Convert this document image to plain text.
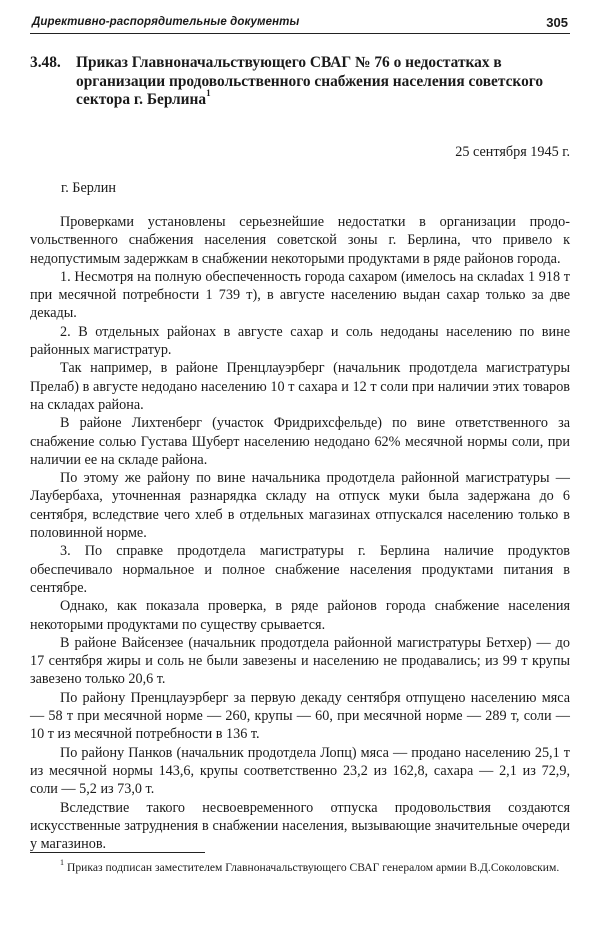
Директивно-распорядительные документы	305
3.48. Приказ Главноначальствующего СВАГ № 76 о недостатках в организации продовольственного снабжения населения советского сектора г. Берлина$^1$
25 сентября 1945 г.
г. Берлин

Проверками установлены серьезнейшие недостатки в организации продоvольственного снабжения населения советской зоны г. Берлина, что привело к недопустимым задержкам в снабжении некоторыми продуктами в ряде районов города.

1. Несмотря на полную обеспеченность города сахаром (имелось на склаdах 1 918 т при месячной потребности 1 739 т), в августе населению выдан сахар только за две декады.

2. В отдельных районах в августе сахар и соль недоданы населению по вине районных магистратур.

Так например, в районе Пренцлауэрберг (начальник продотдела магистратуры Прелаб) в августе недодано населению 10 т сахара и 12 т соли при наличии этих товаров на складах района.

В районе Лихтенберг (участок Фридрихсфельде) по вине ответственного за снабжение солью Густава Шуберт населению недодано 62% месячной нормы соли, при наличии ее на складе района.

По этому же району по вине начальника продотдела районной магистратуры — Лаубербаха, уточненная разнарядка складу на отпуск муки была задержана до 6 сентября, вследствие чего хлеб в отдельных магазинах отпускался населению только в половинной норме.

3. По справке продотдела магистратуры г. Берлина наличие продуктов обеспечивало нормальное и полное снабжение населения продуктами питания в сентябре.

Однако, как показала проверка, в ряде районов города снабжение населения некоторыми продуктами по существу срывается.

В районе Вайсензее (начальник продотдела районной магистратуры Бетхер) — до 17 сентября жиры и соль не были завезены и населению не продавались; из 99 т крупы завезено только 20,6 т.

По району Пренцлауэрберг за первую декаду сентября отпущено населению мяса — 58 т при месячной норме — 260, крупы — 60, при месячной норме — 289 т, соли — 10 т из месячной потребности в 136 т.

По району Панков (начальник продотдела Лопц) мяса — продано населению 25,1 т из месячной нормы 143,6, крупы соответственно 23,2 из 162,8, сахара — 2,1 из 72,9, соли — 5,2 из 73,0 т.

Вследствие такого несвоевременного отпуска продовольствия создаются искусственные затруднения в снабжении населения, вызывающие значительные очереди у магазинов.

$^1$ Приказ подписан заместителем Главноначальствующего СВАГ генералом армии В.Д.Соколовским.
